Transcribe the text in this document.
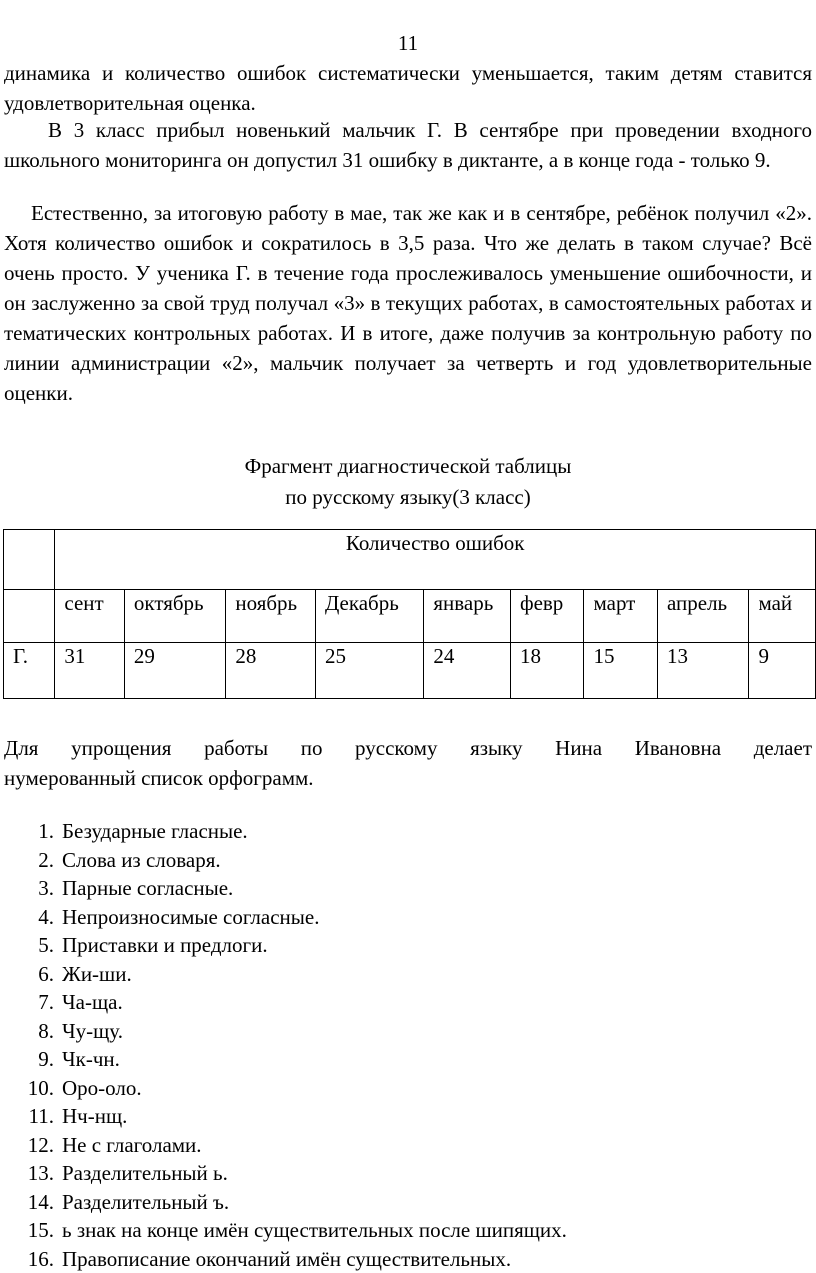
11

динамика и количество ошибок систематически уменьшается, таким детям ставится удовлетворительная оценка.

В 3 класс прибыл новенький мальчик Г. В сентябре при проведении входного школьного мониторинга он допустил 31 ошибку в диктанте, а в конце года - только 9.

Естественно, за итоговую работу в мае, так же как и в сентябре, ребёнок получил «2». Хотя количество ошибок и сократилось в 3,5 раза. Что же делать в таком случае? Всё очень просто. У ученика Г. в течение года прослеживалось уменьшение ошибочности, и он заслуженно за свой труд получал «3» в текущих работах, в самостоятельных работах и тематических контрольных работах. И в итоге, даже получив за контрольную работу по линии администрации «2», мальчик получает за четверть и год удовлетворительные оценки.

Фрагмент диагностической таблицы
по русскому языку(3 класс)
	Количество ошибок								
	сент	октябрь	ноябрь	Декабрь	январь	февр	март	апрель	май
Г.	31	29	28	25	24	18	15	13	9

Для упрощения работы по русскому языку Нина Ивановна делает

нумерованный список орфограмм.

1. Безударные гласные.
2. Слова из словаря.
3. Парные согласные.
4. Непроизносимые согласные.
5. Приставки и предлоги.
6. Жи-ши.
7. Ча-ща.
8. Чу-щу.
9. Чк-чн.
10. Оро-оло.
11. Нч-нщ.
12. Не с глаголами.
13. Разделительный ь.
14. Разделительный ъ.
15. ь знак на конце имён существительных после шипящих.
16. Правописание окончаний имён существительных.
